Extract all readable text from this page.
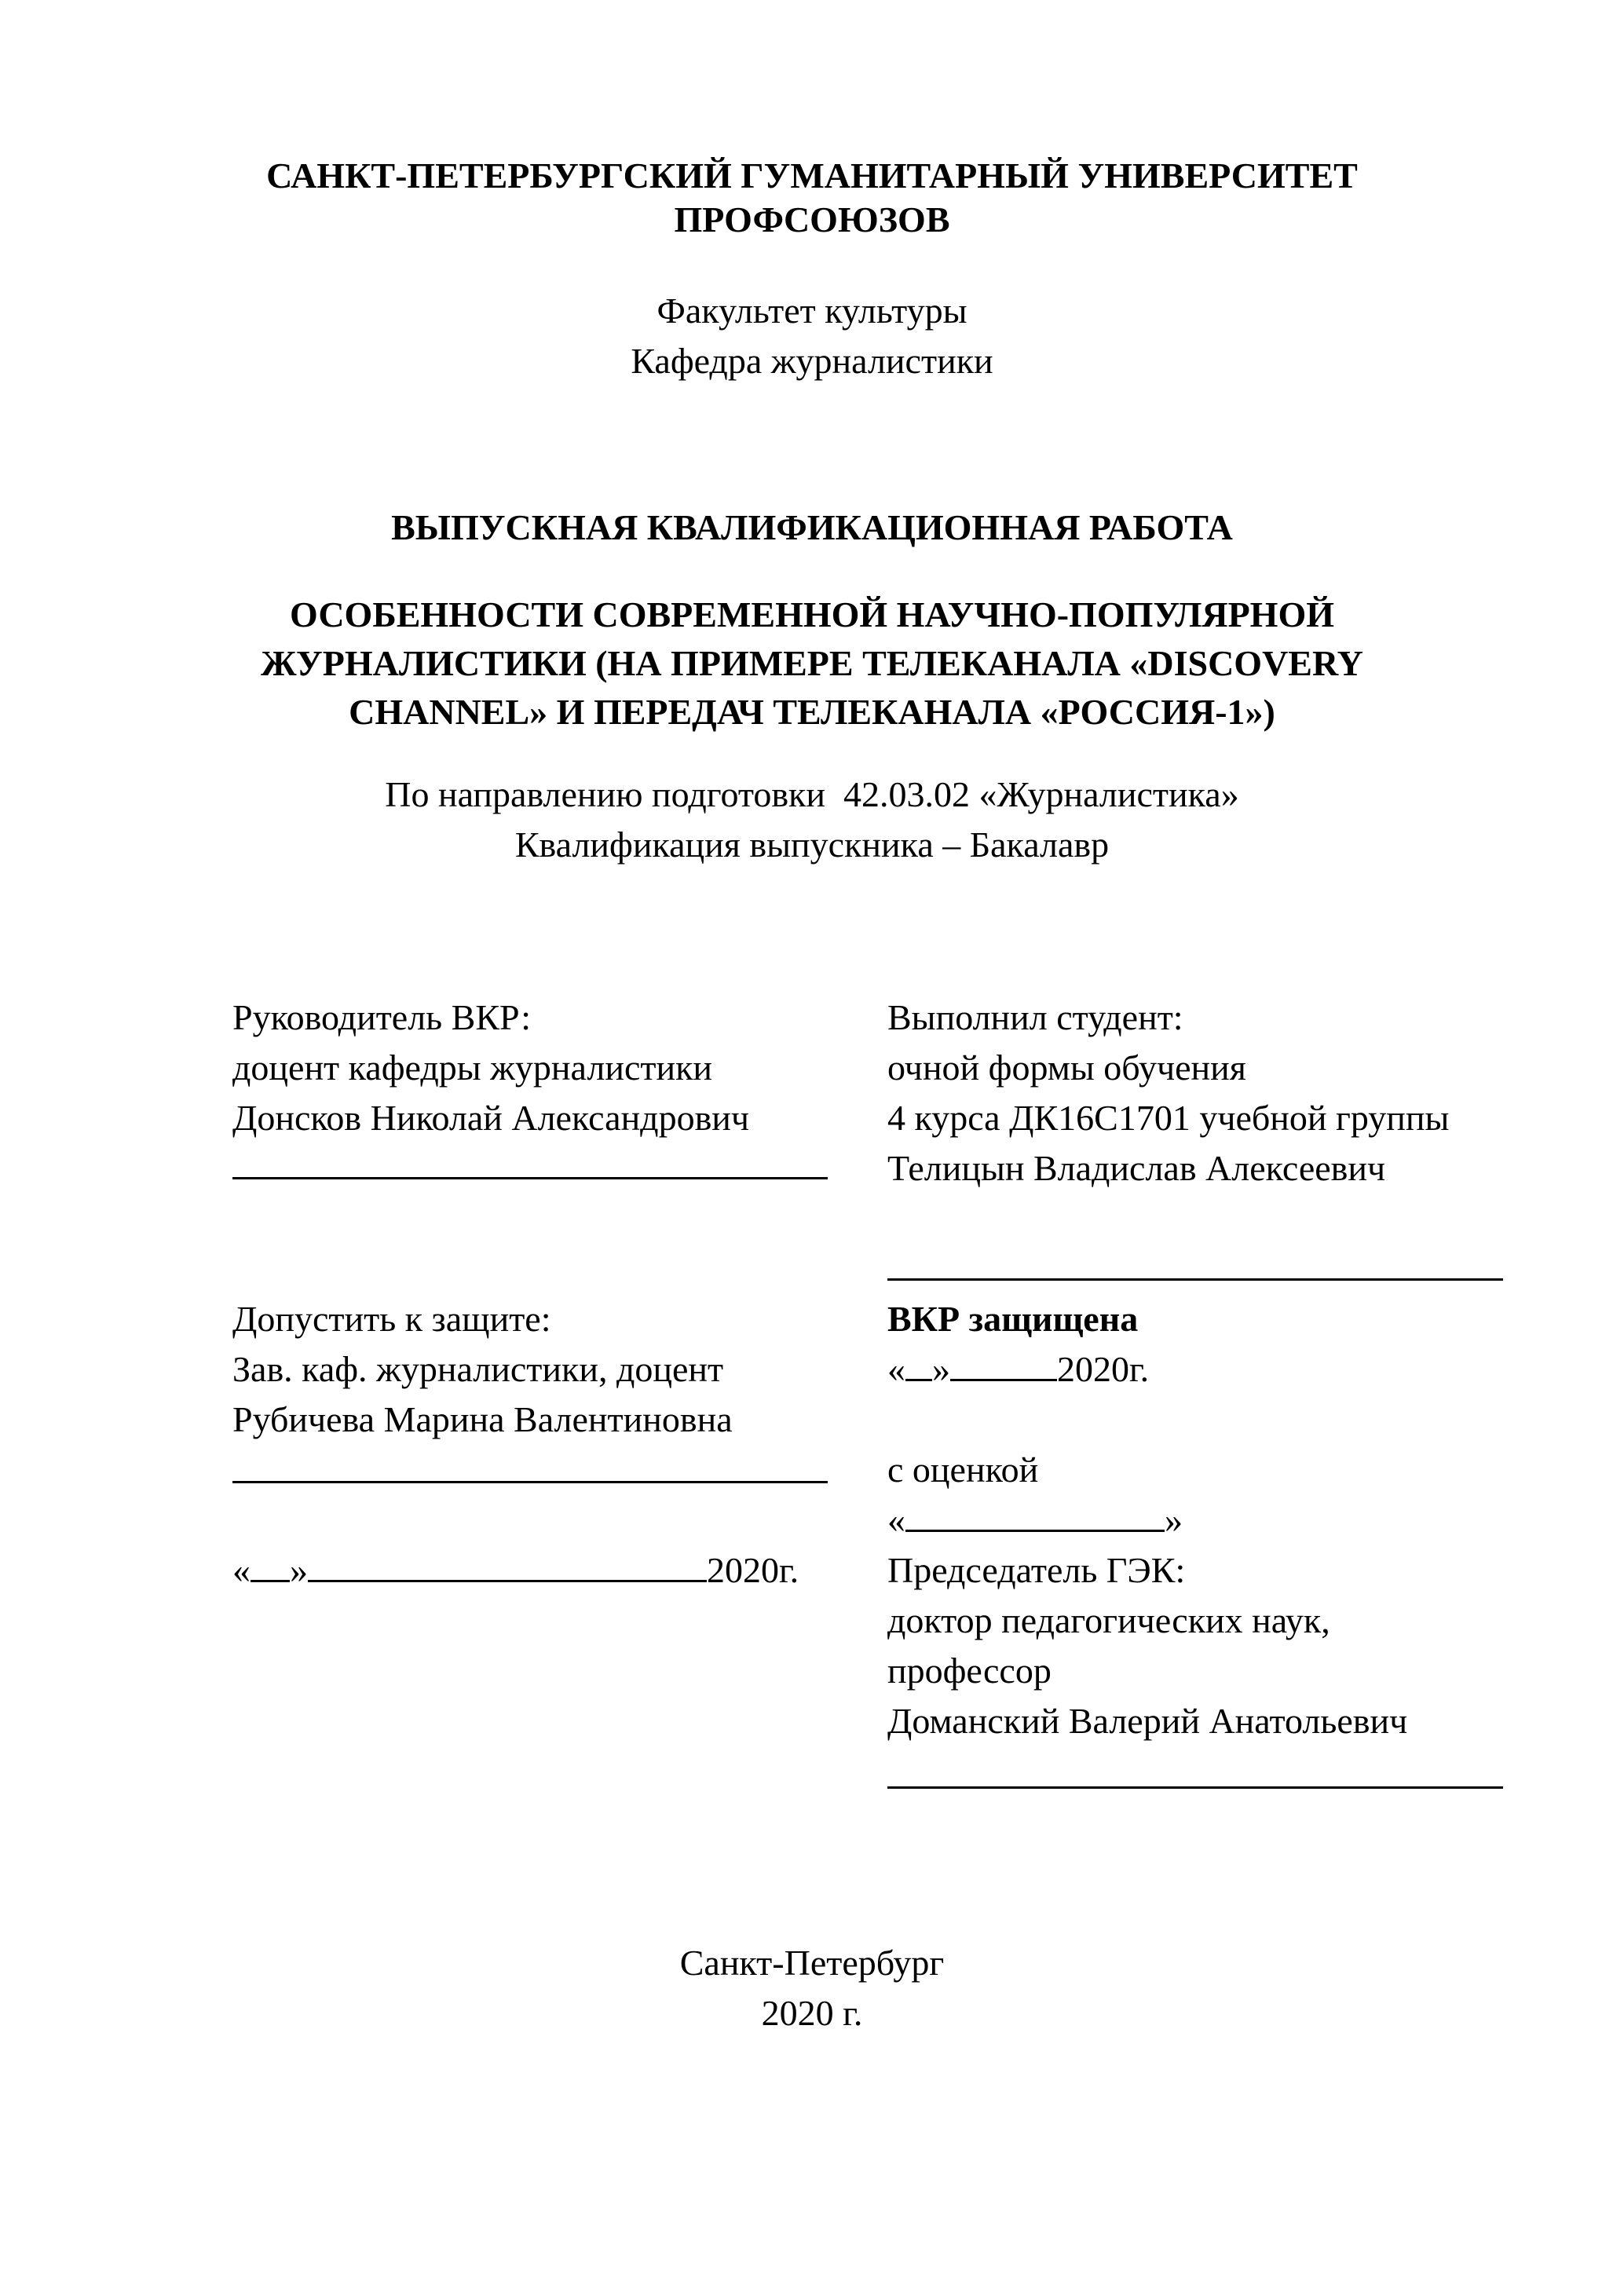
САНКТ-ПЕТЕРБУРГСКИЙ ГУМАНИТАРНЫЙ УНИВЕРСИТЕТ
ПРОФСОЮЗОВ
Факультет культуры
Кафедра журналистики
ВЫПУСКНАЯ КВАЛИФИКАЦИОННАЯ РАБОТА
ОСОБЕННОСТИ СОВРЕМЕННОЙ НАУЧНО-ПОПУЛЯРНОЙ
ЖУРНАЛИСТИКИ (НА ПРИМЕРЕ ТЕЛЕКАНАЛА «DISCOVERY
CHANNEL» И ПЕРЕДАЧ ТЕЛЕКАНАЛА «РОССИЯ-1»)
По направлению подготовки  42.03.02 «Журналистика»
Квалификация выпускника – Бакалавр
Руководитель ВКР:
доцент кафедры журналистики
Донсков Николай Александрович
Выполнил студент:
очной формы обучения
4 курса ДК16С1701 учебной группы
Телицын Владислав Алексеевич
Допустить к защите:
Зав. каф. журналистики, доцент
Рубичева Марина Валентиновна
« »	2020г.
ВКР защищена
« »	2020г.
с оценкой
«	»
Председатель ГЭК:
доктор педагогических наук,
профессор
Доманский Валерий Анатольевич
Санкт-Петербург
2020 г.
